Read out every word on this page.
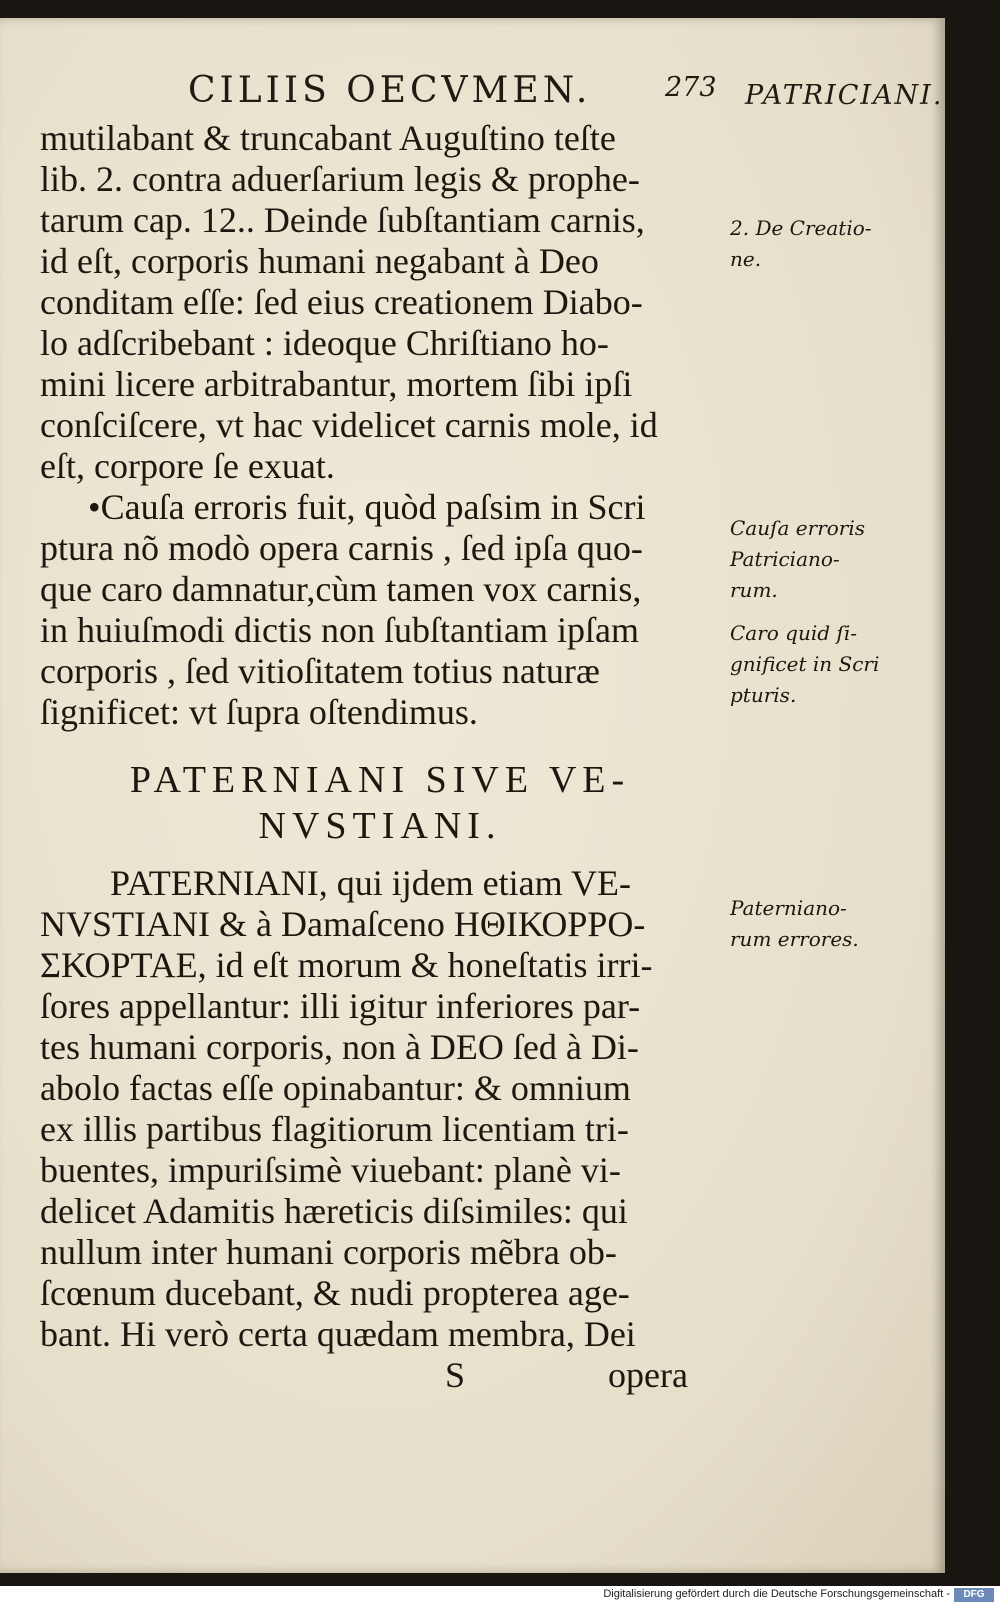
CILIIS OECVMEN.	273 PATRICIANI.
mutilabant & truncabant Auguſtino teſte
lib. 2. contra aduerſarium legis & prophe-
tarum cap. 12.. Deinde ſubſtantiam carnis,
id eſt, corporis humani negabant à Deo
conditam eſſe: ſed eius creationem Diabo-
lo adſcribebant : ideoque Chriſtiano ho-
mini licere arbitrabantur, mortem ſibi ipſi
conſciſcere, vt hac videlicet carnis mole, id
eſt, corpore ſe exuat.
•Cauſa erroris fuit, quòd paſsim in Scri
ptura nõ modò opera carnis , ſed ipſa quo-
que caro damnatur,cùm tamen vox carnis,
in huiuſmodi dictis non ſubſtantiam ipſam
corporis , ſed vitioſitatem totius naturæ
ſignificet: vt ſupra oſtendimus.
PATERNIANI SIVE VE-
NVSTIANI.
PATERNIANI, qui ijdem etiam VE-
NVSTIANI & à Damaſceno ΗΘΙΚΟΡΡΟ-
ΣΚΟΡΤΑΕ, id eſt morum & honeſtatis irri-
ſores appellantur: illi igitur inferiores par-
tes humani corporis, non à DEO ſed à Di-
abolo factas eſſe opinabantur: & omnium
ex illis partibus flagitiorum licentiam tri-
buentes, impuriſsimè viuebant: planè vi-
delicet Adamitis hæreticis diſsimiles: qui
nullum inter humani corporis mẽbra ob-
ſcœnum ducebant, & nudi propterea age-
bant. Hi verò certa quædam membra, Dei
S	opera
2. De Creatio-
ne.
Cauſa erroris
Patriciano-
rum.
Caro quid ſi-
gnificet in Scri
pturis.
Paterniano-
rum errores.
Digitalisierung gefördert durch die Deutsche Forschungsgemeinschaft -	DFG
